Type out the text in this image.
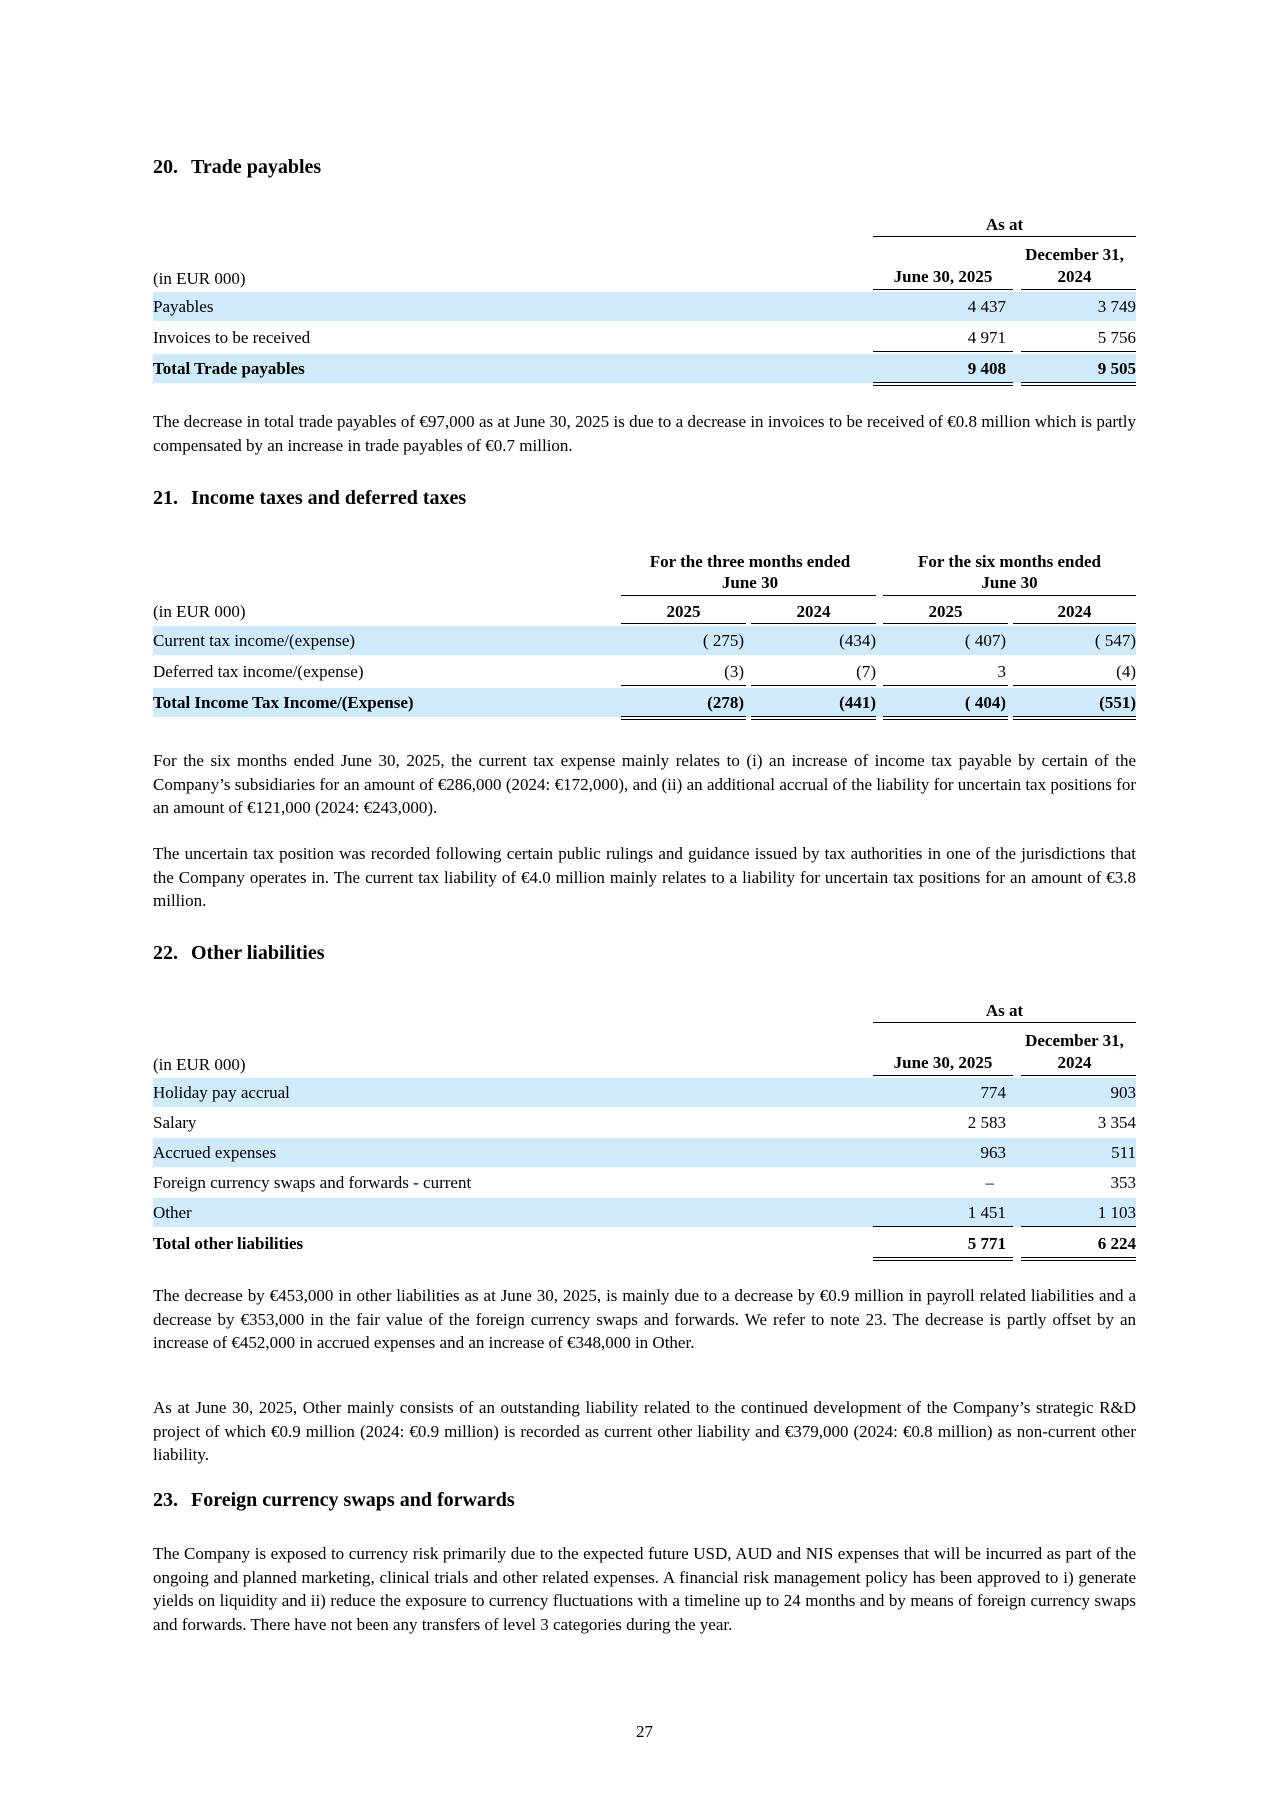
20. Trade payables
As at
June 30, 2025
December 31,
2024
(in EUR 000)
Payables	4 437	3 749
Invoices to be received	4 971	5 756
Total Trade payables	9 408	9 505

The decrease in total trade payables of €97,000 as at June 30, 2025 is due to a decrease in invoices to be received of €0.8 million which is partly compensated by an increase in trade payables of €0.7 million.

21. Income taxes and deferred taxes
For the three months ended
June 30
For the six months ended
June 30
(in EUR 000)	2025	2024	2025	2024
Current tax income/(expense)	( 275)	(434)	( 407)	( 547)
Deferred tax income/(expense)	(3)	(7)	3	(4)
Total Income Tax Income/(Expense)	(278)	(441)	( 404)	(551)

For the six months ended June 30, 2025, the current tax expense mainly relates to (i) an increase of income tax payable by certain of the Company’s subsidiaries for an amount of €286,000 (2024: €172,000), and (ii) an additional accrual of the liability for uncertain tax positions for an amount of €121,000 (2024: €243,000).

The uncertain tax position was recorded following certain public rulings and guidance issued by tax authorities in one of the jurisdictions that the Company operates in. The current tax liability of €4.0 million mainly relates to a liability for uncertain tax positions for an amount of €3.8 million.

22. Other liabilities
As at
June 30, 2025
December 31,
2024
(in EUR 000)
Holiday pay accrual	774	903
Salary	2 583	3 354
Accrued expenses	963	511
Foreign currency swaps and forwards - current	–	353
Other	1 451	1 103
Total other liabilities	5 771	6 224

The decrease by €453,000 in other liabilities as at June 30, 2025, is mainly due to a decrease by €0.9 million in payroll related liabilities and a decrease by €353,000 in the fair value of the foreign currency swaps and forwards. We refer to note 23. The decrease is partly offset by an increase of €452,000 in accrued expenses and an increase of €348,000 in Other.

As at June 30, 2025, Other mainly consists of an outstanding liability related to the continued development of the Company’s strategic R&D project of which €0.9 million (2024: €0.9 million) is recorded as current other liability and €379,000 (2024: €0.8 million) as non-current other liability.

23. Foreign currency swaps and forwards

The Company is exposed to currency risk primarily due to the expected future USD, AUD and NIS expenses that will be incurred as part of the ongoing and planned marketing, clinical trials and other related expenses. A financial risk management policy has been approved to i) generate yields on liquidity and ii) reduce the exposure to currency fluctuations with a timeline up to 24 months and by means of foreign currency swaps and forwards. There have not been any transfers of level 3 categories during the year.

27
